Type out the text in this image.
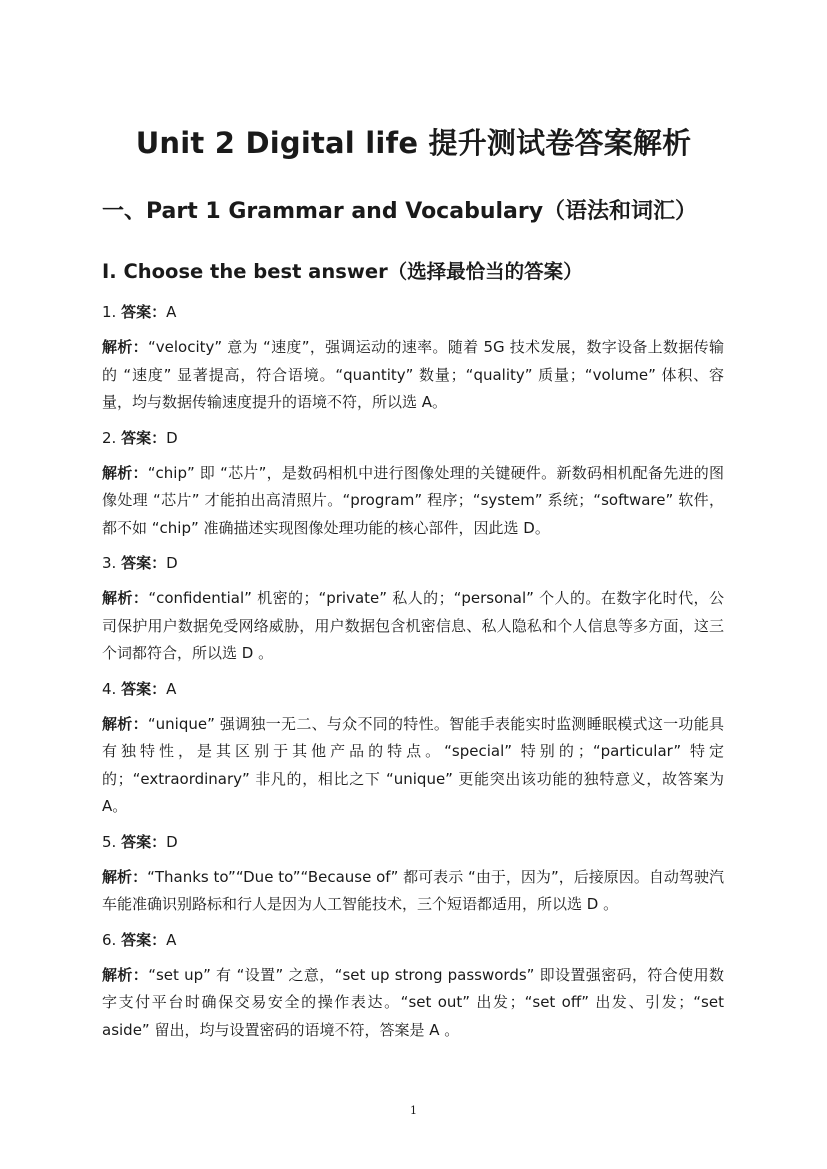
Unit 2 Digital life 提升测试卷答案解析
一、Part 1 Grammar and Vocabulary（语法和词汇）
I. Choose the best answer（选择最恰当的答案）
1. 答案：A
解析：“velocity” 意为 “速度”，强调运动的速率。随着 5G 技术发展，数字设备上数据传输的 “速度” 显著提高，符合语境。“quantity” 数量；“quality” 质量；“volume” 体积、容量，均与数据传输速度提升的语境不符，所以选 A。
2. 答案：D
解析：“chip” 即 “芯片”，是数码相机中进行图像处理的关键硬件。新数码相机配备先进的图像处理 “芯片” 才能拍出高清照片。“program” 程序；“system” 系统；“software” 软件，都不如 “chip” 准确描述实现图像处理功能的核心部件，因此选 D。
3. 答案：D
解析：“confidential” 机密的；“private” 私人的；“personal” 个人的。在数字化时代，公司保护用户数据免受网络威胁，用户数据包含机密信息、私人隐私和个人信息等多方面，这三个词都符合，所以选 D 。
4. 答案：A
解析：“unique” 强调独一无二、与众不同的特性。智能手表能实时监测睡眠模式这一功能具有独特性，是其区别于其他产品的特点。“special” 特别的；“particular” 特定的；“extraordinary” 非凡的，相比之下 “unique” 更能突出该功能的独特意义，故答案为 A。
5. 答案：D
解析：“Thanks to”“Due to”“Because of” 都可表示 “由于，因为”，后接原因。自动驾驶汽车能准确识别路标和行人是因为人工智能技术，三个短语都适用，所以选 D 。
6. 答案：A
解析：“set up” 有 “设置” 之意，“set up strong passwords” 即设置强密码，符合使用数字支付平台时确保交易安全的操作表达。“set out” 出发；“set off” 出发、引发；“set aside” 留出，均与设置密码的语境不符，答案是 A 。
1
